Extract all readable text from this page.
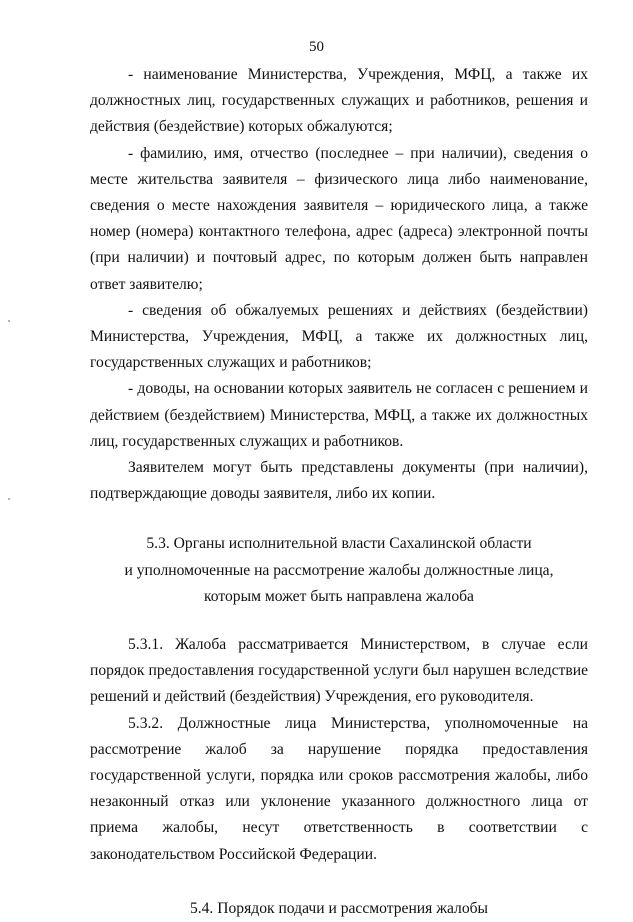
50

- наименование Министерства, Учреждения, МФЦ, а также их должностных лиц, государственных служащих и работников, решения и действия (бездействие) которых обжалуются;

- фамилию, имя, отчество (последнее – при наличии), сведения о месте жительства заявителя – физического лица либо наименование, сведения о месте нахождения заявителя – юридического лица, а также номер (номера) контактного телефона, адрес (адреса) электронной почты (при наличии) и почтовый адрес, по которым должен быть направлен ответ заявителю;

- сведения об обжалуемых решениях и действиях (бездействии) Министерства, Учреждения, МФЦ, а также их должностных лиц, государственных служащих и работников;

- доводы, на основании которых заявитель не согласен с решением и действием (бездействием) Министерства, МФЦ, а также их должностных лиц, государственных служащих и работников.

Заявителем могут быть представлены документы (при наличии), подтверждающие доводы заявителя, либо их копии.

5.3. Органы исполнительной власти Сахалинской области
и уполномоченные на рассмотрение жалобы должностные лица,
которым может быть направлена жалоба

5.3.1. Жалоба рассматривается Министерством, в случае если порядок предоставления государственной услуги был нарушен вследствие решений и действий (бездействия) Учреждения, его руководителя.

5.3.2. Должностные лица Министерства, уполномоченные на рассмотрение жалоб за нарушение порядка предоставления государственной услуги, порядка или сроков рассмотрения жалобы, либо незаконный отказ или уклонение указанного должностного лица от приема жалобы, несут ответственность в соответствии с законодательством Российской Федерации.

5.4. Порядок подачи и рассмотрения жалобы
